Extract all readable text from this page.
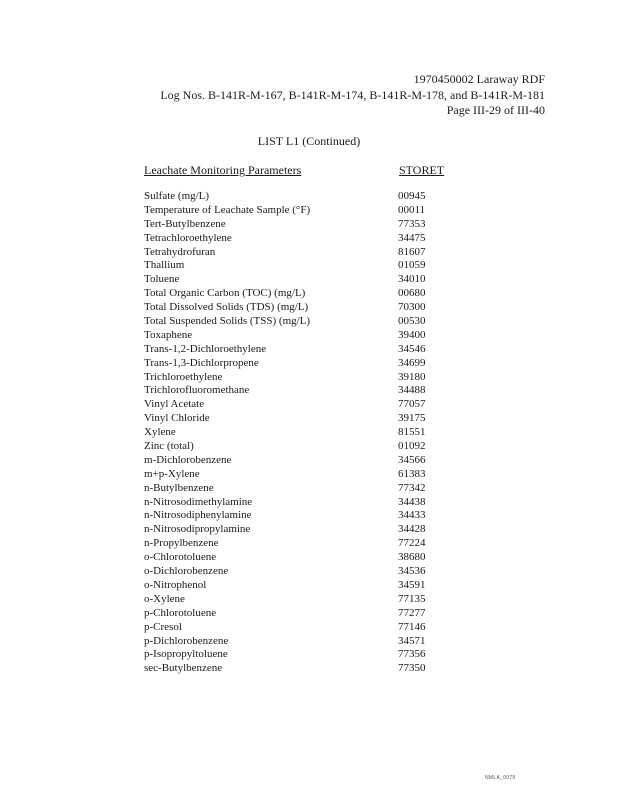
1970450002 Laraway RDF
Log Nos. B-141R-M-167, B-141R-M-174, B-141R-M-178, and B-141R-M-181
Page III-29 of III-40
LIST L1 (Continued)
Leachate Monitoring Parameters	STORET
Sulfate (mg/L)	00945
Temperature of Leachate Sample (°F)	00011
Tert-Butylbenzene	77353
Tetrachloroethylene	34475
Tetrahydrofuran	81607
Thallium	01059
Toluene	34010
Total Organic Carbon (TOC) (mg/L)	00680
Total Dissolved Solids (TDS) (mg/L)	70300
Total Suspended Solids (TSS) (mg/L)	00530
Toxaphene	39400
Trans-1,2-Dichloroethylene	34546
Trans-1,3-Dichlorpropene	34699
Trichloroethylene	39180
Trichlorofluoromethane	34488
Vinyl Acetate	77057
Vinyl Chloride	39175
Xylene	81551
Zinc (total)	01092
m-Dichlorobenzene	34566
m+p-Xylene	61383
n-Butylbenzene	77342
n-Nitrosodimethylamine	34438
n-Nitrosodiphenylamine	34433
n-Nitrosodipropylamine	34428
n-Propylbenzene	77224
o-Chlorotoluene	38680
o-Dichlorobenzene	34536
o-Nitrophenol	34591
o-Xylene	77135
p-Chlorotoluene	77277
p-Cresol	77146
p-Dichlorobenzene	34571
p-Isopropyltoluene	77356
sec-Butylbenzene	77350
NMLA_0079
